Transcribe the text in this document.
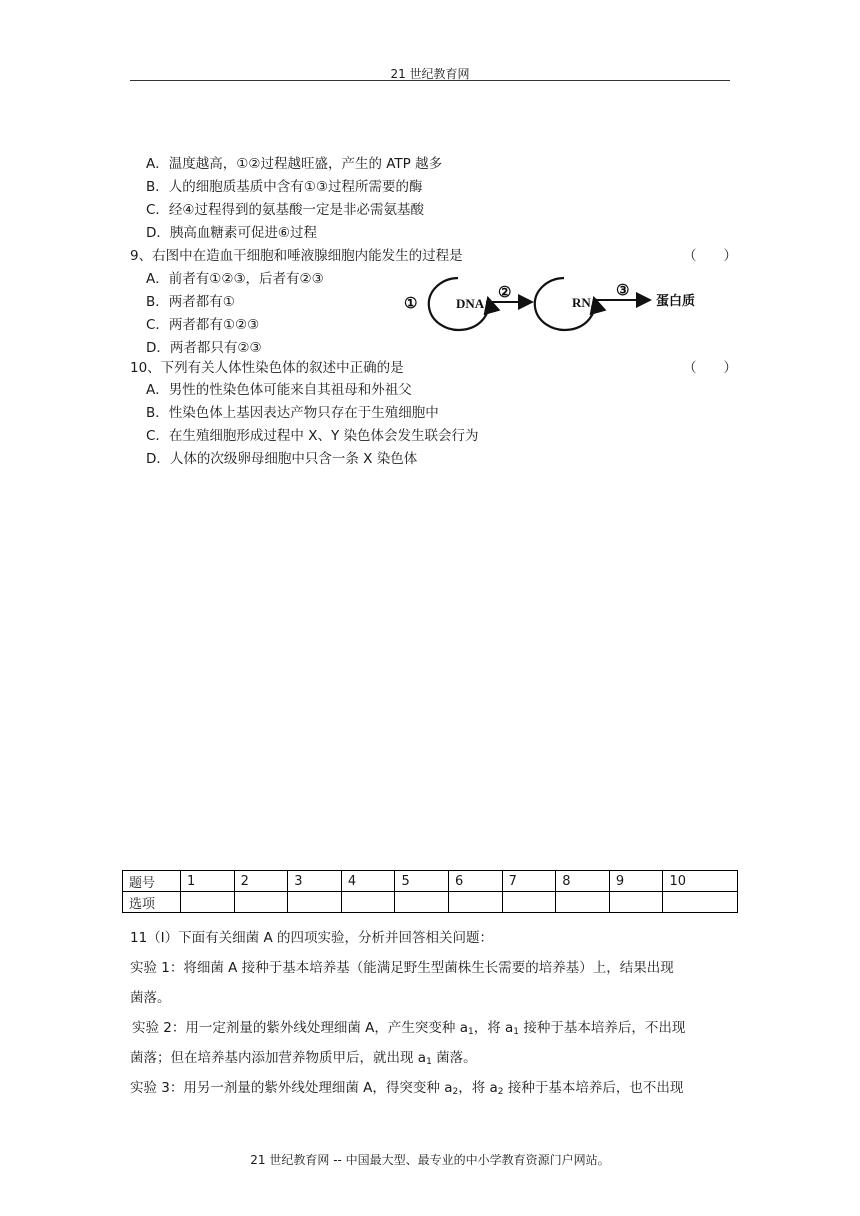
21 世纪教育网
A．温度越高，①②过程越旺盛，产生的 ATP 越多
B．人的细胞质基质中含有①③过程所需要的酶
C．经④过程得到的氨基酸一定是非必需氨基酸
D．胰高血糖素可促进⑥过程
9、右图中在造血干细胞和唾液腺细胞内能发生的过程是	（　　）
A．前者有①②③，后者有②③
B．两者都有①
C．两者都有①②③
D．两者都只有②③
①	DNA
②
RNA
③
蛋白质
10、下列有关人体性染色体的叙述中正确的是	（　　）
A．男性的性染色体可能来自其祖母和外祖父
B．性染色体上基因表达产物只存在于生殖细胞中
C．在生殖细胞形成过程中 X、Y 染色体会发生联会行为
D．人体的次级卵母细胞中只含一条 X 染色体
题号	1	2	3	4	5	6	7	8	9	10
选项										
11（I）下面有关细菌 A 的四项实验，分析并回答相关问题：
实验 1：将细菌 A 接种于基本培养基（能满足野生型菌株生长需要的培养基）上，结果出现
菌落。
实验 2：用一定剂量的紫外线处理细菌 A，产生突变种 $a_1$，将 $a_1$ 接种于基本培养后，不出现
菌落；但在培养基内添加营养物质甲后，就出现 $a_1$ 菌落。
实验 3：用另一剂量的紫外线处理细菌 A，得突变种 $a_2$，将 $a_2$ 接种于基本培养后，也不出现
21 世纪教育网 -- 中国最大型、最专业的中小学教育资源门户网站。
